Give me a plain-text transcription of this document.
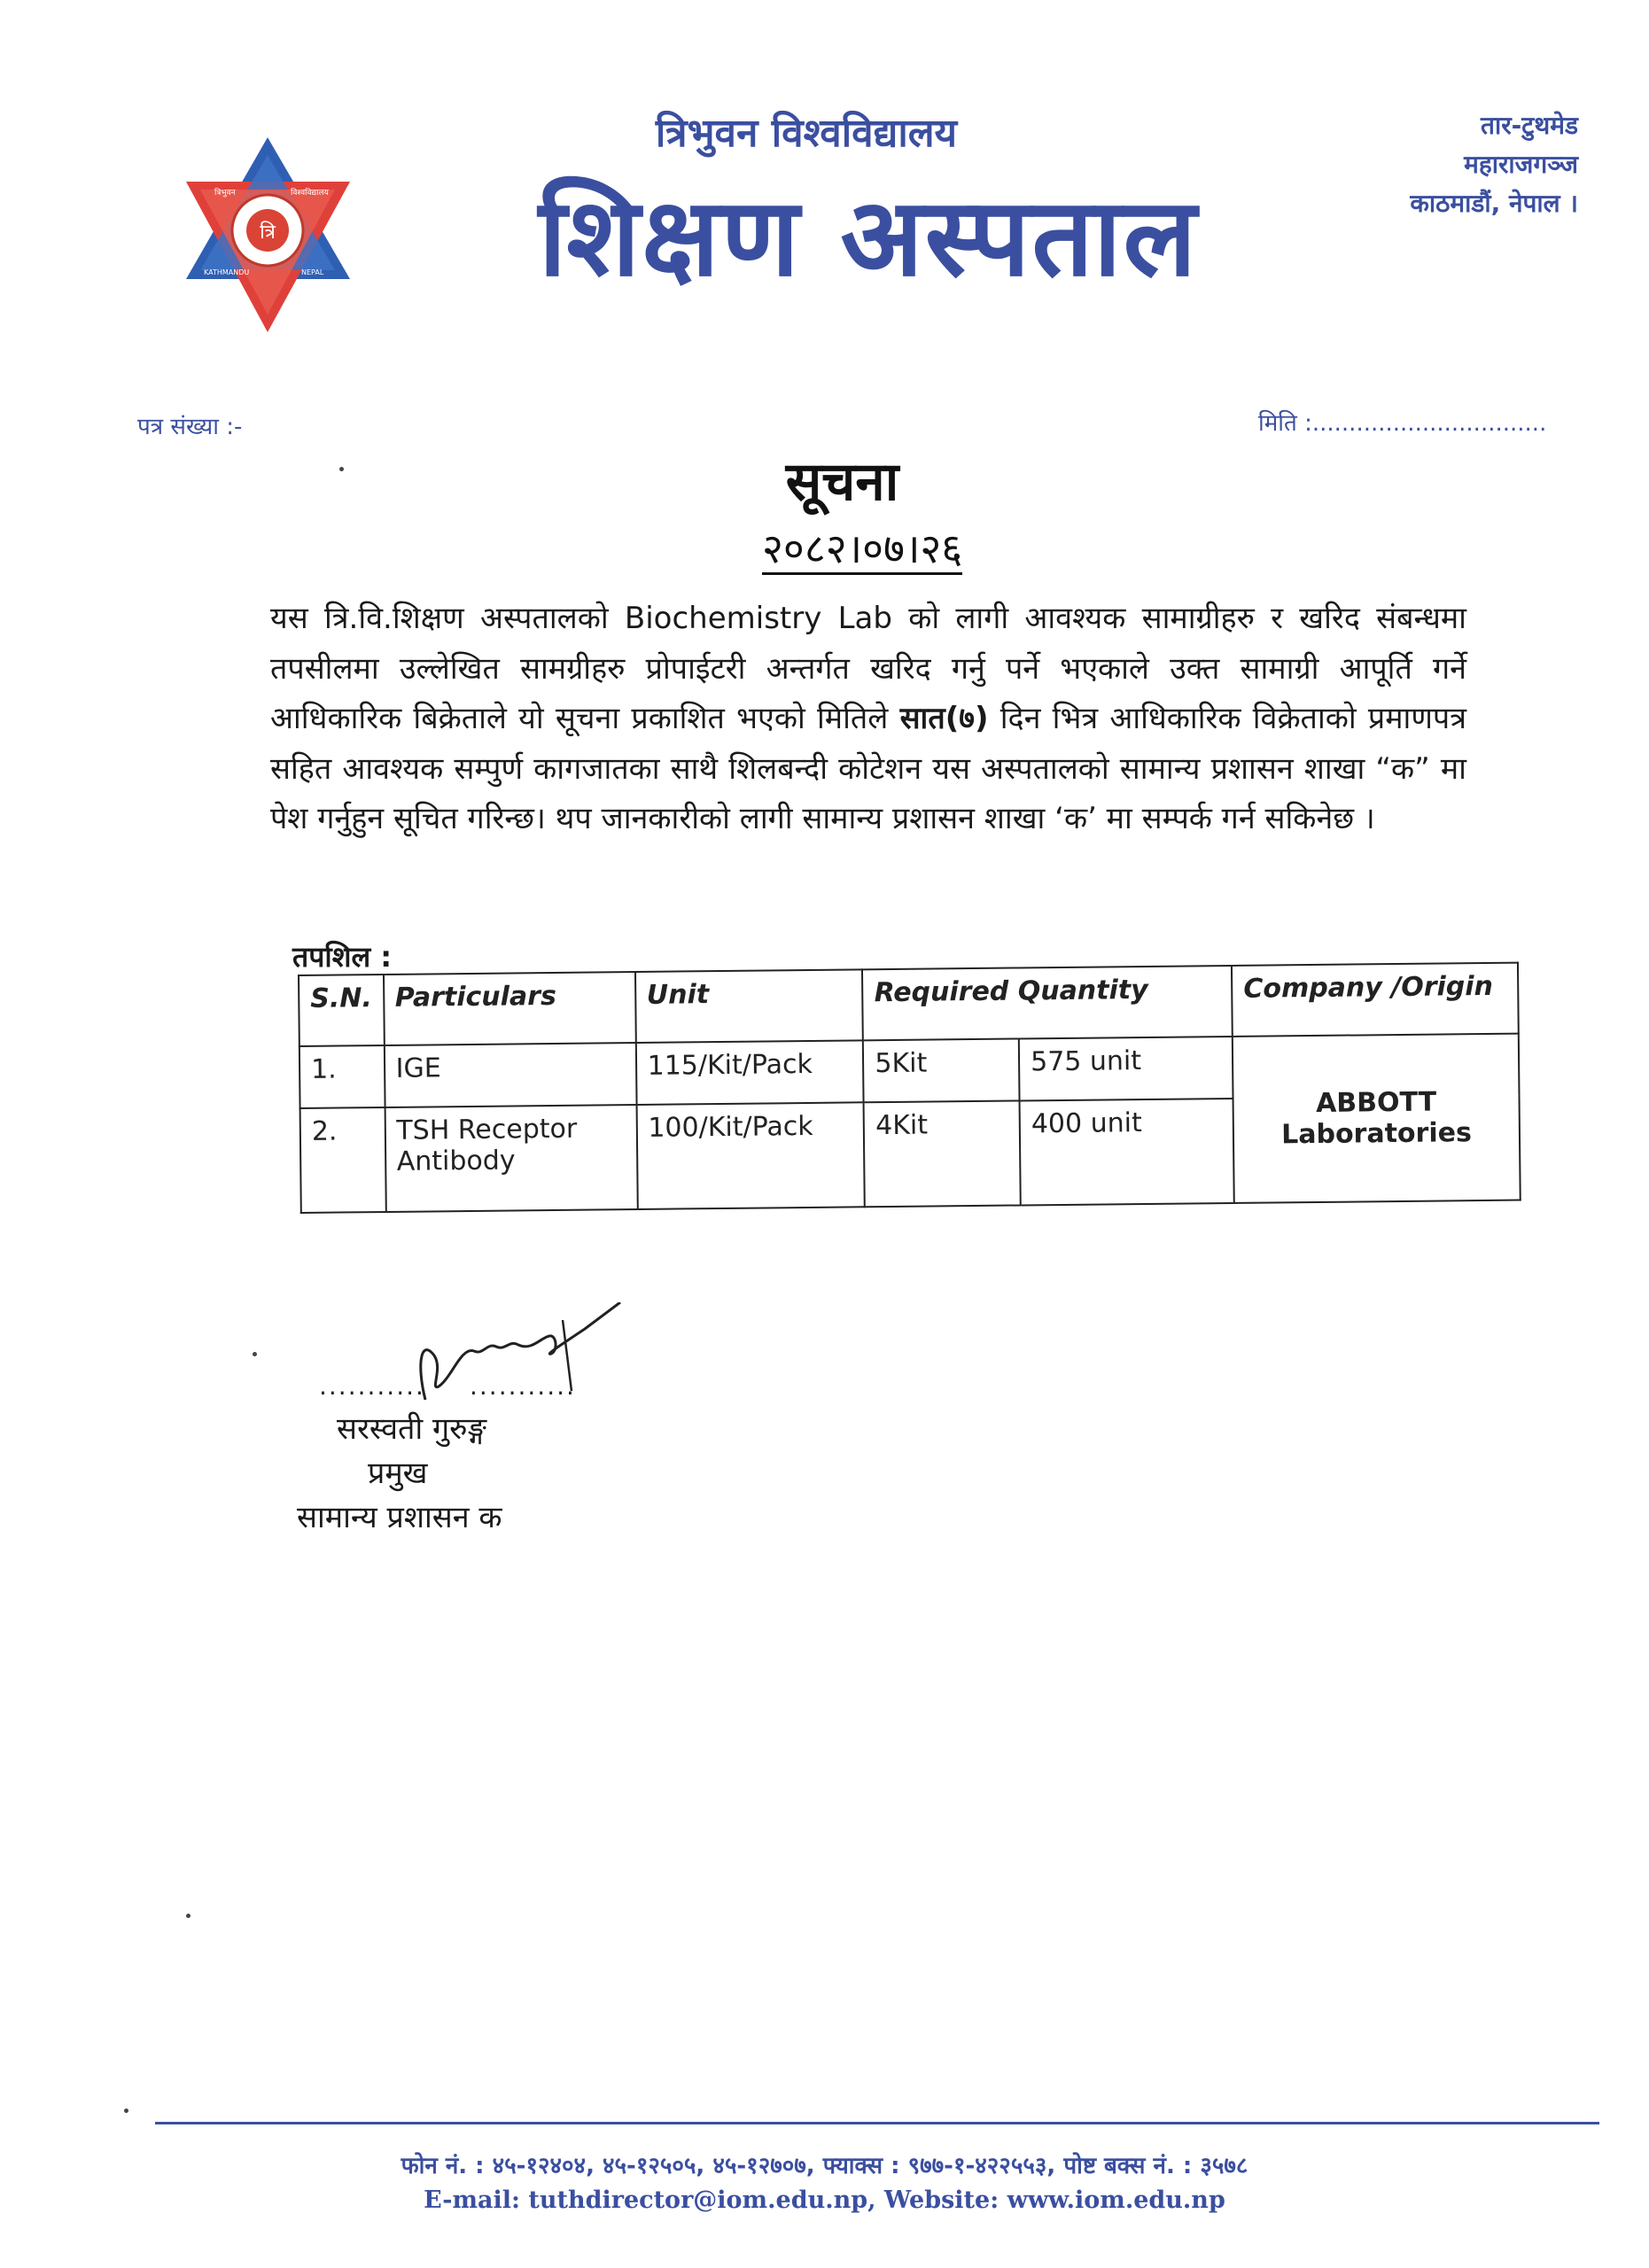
त्रि
त्रिभुवन	विश्वविद्यालय
KATHMANDU	NEPAL
त्रिभुवन विश्वविद्यालय
शिक्षण अस्पताल
तार-टुथमेड
महाराजगञ्ज
काठमाडौं, नेपाल ।
पत्र संख्या :-	मिति :................................
सूचना
२०८२।०७।२६
यस त्रि.वि.शिक्षण अस्पतालको Biochemistry Lab को लागी आवश्यक सामाग्रीहरु र खरिद संबन्धमा तपसीलमा उल्लेखित सामग्रीहरु प्रोपाईटरी अन्तर्गत खरिद गर्नु पर्ने भएकाले उक्त सामाग्री आपूर्ति गर्ने आधिकारिक बिक्रेताले यो सूचना प्रकाशित भएको मितिले सात(७) दिन भित्र आधिकारिक विक्रेताको प्रमाणपत्र सहित आवश्यक सम्पुर्ण कागजातका साथै शिलबन्दी कोटेशन यस अस्पतालको सामान्य प्रशासन शाखा “क” मा पेश गर्नुहुन सूचित गरिन्छ। थप जानकारीको लागी सामान्य प्रशासन शाखा ‘क’ मा सम्पर्क गर्न सकिनेछ ।
तपशिल :
S.N.	Particulars	Unit	Required Quantity		Company /Origin
1.	IGE	115/Kit/Pack	5Kit	575 unit	ABBOTT Laboratories
2.	TSH Receptor Antibody	100/Kit/Pack	4Kit	400 unit	
........... ...........
सरस्वती गुरुङ्ग
प्रमुख
सामान्य प्रशासन क
फोन नं. : ४५-१२४०४, ४५-१२५०५, ४५-१२७०७, फ्याक्स : ९७७-१-४२२५५३, पोष्ट बक्स नं. : ३५७८
E-mail: tuthdirector@iom.edu.np, Website: www.iom.edu.np
